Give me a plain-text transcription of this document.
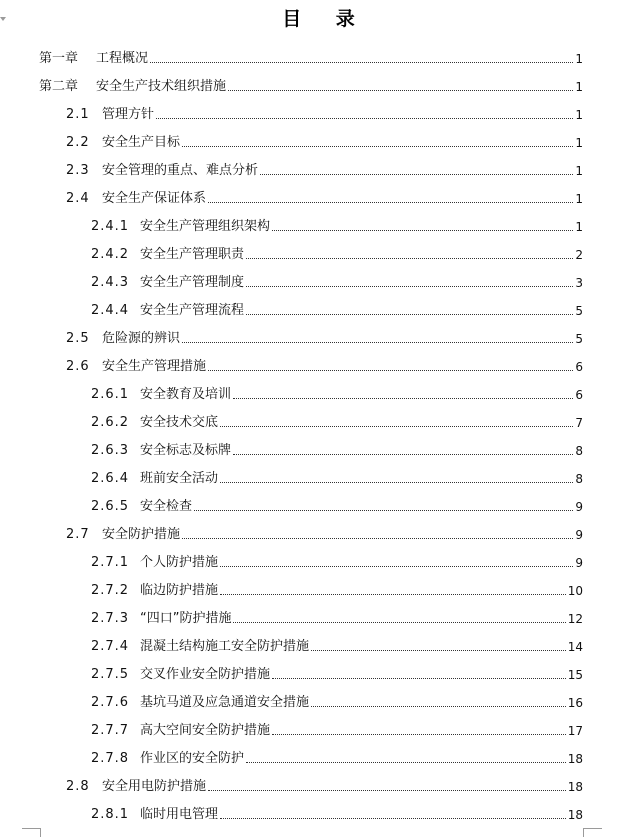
目 录
第一章	工程概况	1
第二章	安全生产技术组织措施	1
2.1 管理方针	1
2.2 安全生产目标	1
2.3 安全管理的重点、难点分析	1
2.4 安全生产保证体系	1
2.4.1 安全生产管理组织架构	1
2.4.2 安全生产管理职责	2
2.4.3 安全生产管理制度	3
2.4.4 安全生产管理流程	5
2.5 危险源的辨识	5
2.6 安全生产管理措施	6
2.6.1 安全教育及培训	6
2.6.2 安全技术交底	7
2.6.3 安全标志及标牌	8
2.6.4 班前安全活动	8
2.6.5 安全检查	9
2.7 安全防护措施	9
2.7.1 个人防护措施	9
2.7.2 临边防护措施	10
2.7.3 “四口”防护措施	12
2.7.4 混凝土结构施工安全防护措施	14
2.7.5 交叉作业安全防护措施	15
2.7.6 基坑马道及应急通道安全措施	16
2.7.7 高大空间安全防护措施	17
2.7.8 作业区的安全防护	18
2.8 安全用电防护措施	18
2.8.1 临时用电管理	18
